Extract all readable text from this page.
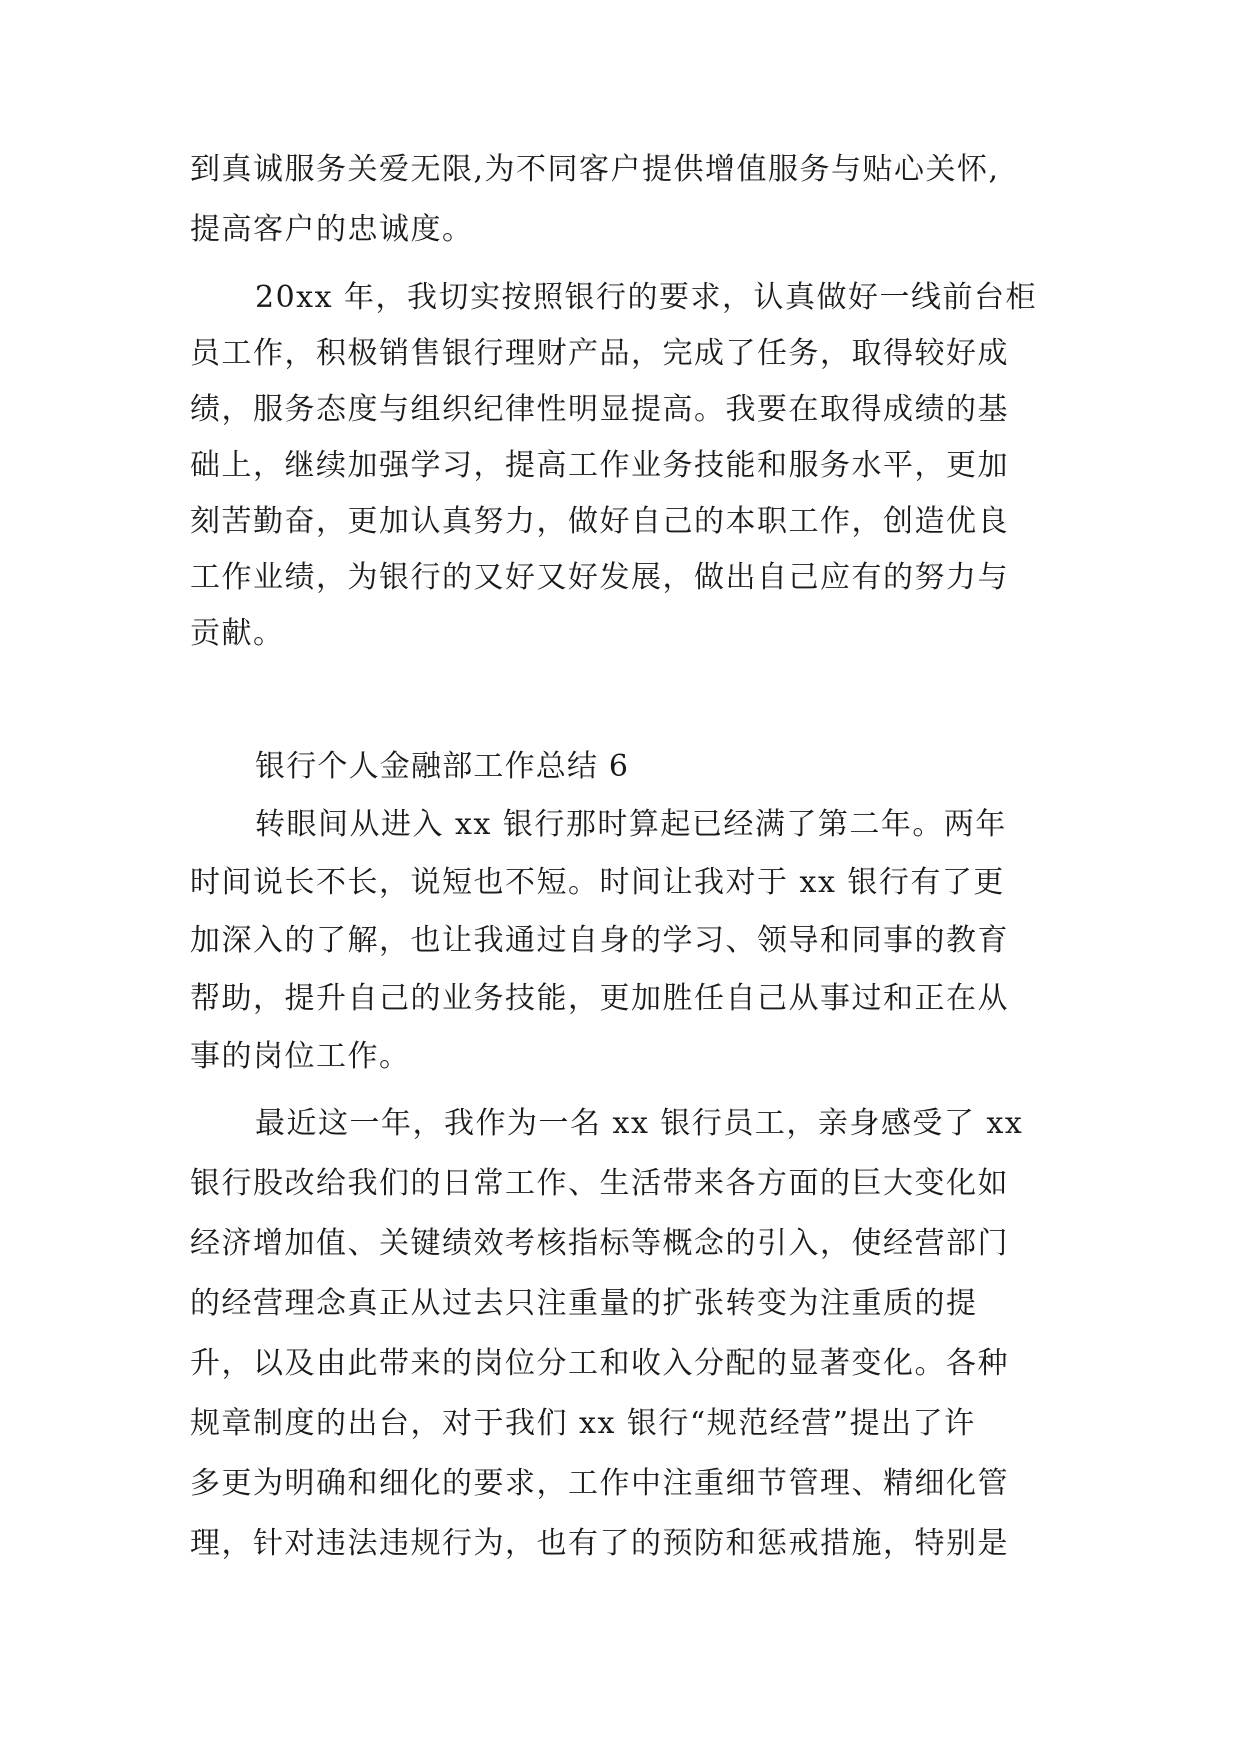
到真诚服务关爱无限,为不同客户提供增值服务与贴心关怀,
提高客户的忠诚度。
20xx 年，我切实按照银行的要求，认真做好一线前台柜
员工作，积极销售银行理财产品，完成了任务，取得较好成
绩，服务态度与组织纪律性明显提高。我要在取得成绩的基
础上，继续加强学习，提高工作业务技能和服务水平，更加
刻苦勤奋，更加认真努力，做好自己的本职工作，创造优良
工作业绩，为银行的又好又好发展，做出自己应有的努力与
贡献。
银行个人金融部工作总结 6
转眼间从进入 xx 银行那时算起已经满了第二年。两年
时间说长不长，说短也不短。时间让我对于 xx 银行有了更
加深入的了解，也让我通过自身的学习、领导和同事的教育
帮助，提升自己的业务技能，更加胜任自己从事过和正在从
事的岗位工作。
最近这一年，我作为一名 xx 银行员工，亲身感受了 xx
银行股改给我们的日常工作、生活带来各方面的巨大变化如
经济增加值、关键绩效考核指标等概念的引入，使经营部门
的经营理念真正从过去只注重量的扩张转变为注重质的提
升，以及由此带来的岗位分工和收入分配的显著变化。各种
规章制度的出台，对于我们 xx 银行“规范经营”提出了许
多更为明确和细化的要求，工作中注重细节管理、精细化管
理，针对违法违规行为，也有了的预防和惩戒措施，特别是
